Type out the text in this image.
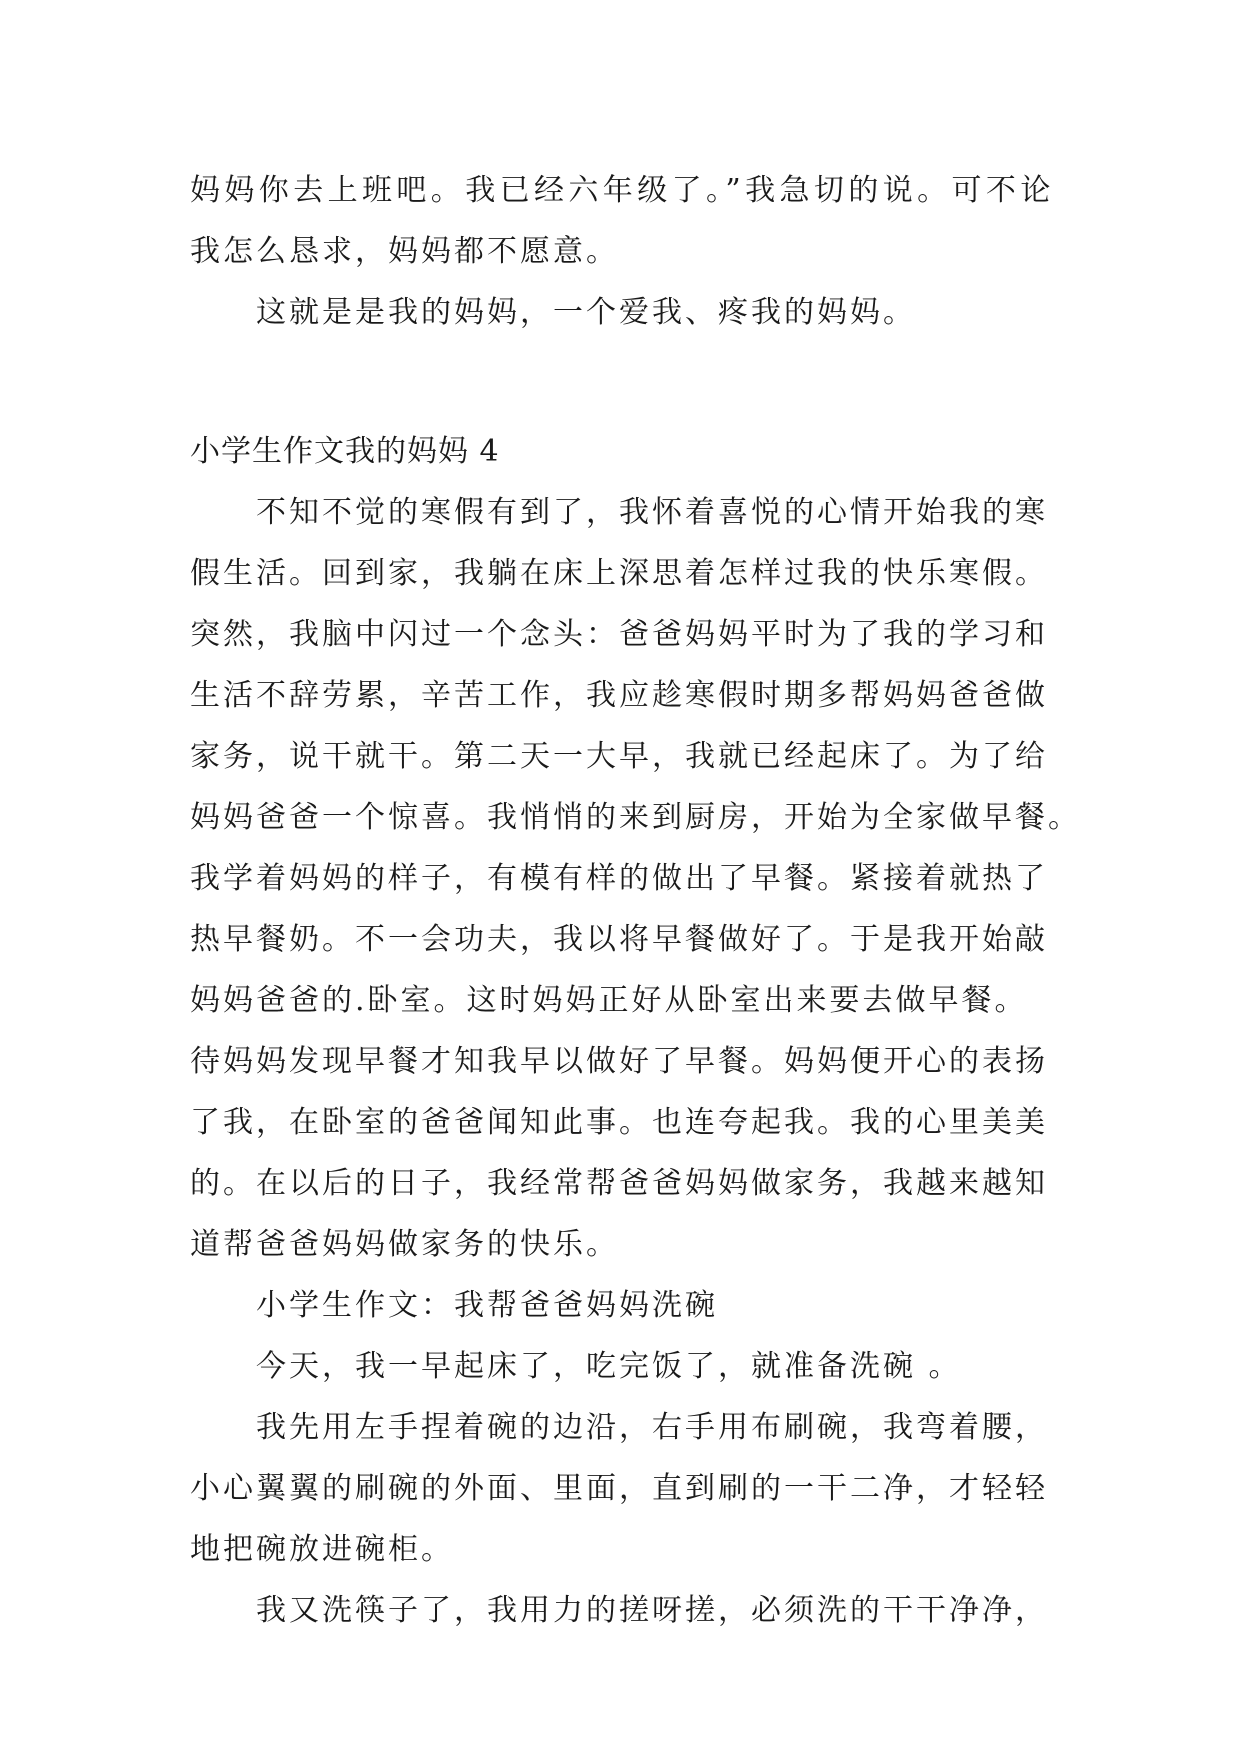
妈妈你去上班吧。我已经六年级了。”我急切的说。可不论
我怎么恳求，妈妈都不愿意。
这就是是我的妈妈，一个爱我、疼我的妈妈。
小学生作文我的妈妈 4
不知不觉的寒假有到了，我怀着喜悦的心情开始我的寒
假生活。回到家，我躺在床上深思着怎样过我的快乐寒假。
突然，我脑中闪过一个念头：爸爸妈妈平时为了我的学习和
生活不辞劳累，辛苦工作，我应趁寒假时期多帮妈妈爸爸做
家务，说干就干。第二天一大早，我就已经起床了。为了给
妈妈爸爸一个惊喜。我悄悄的来到厨房，开始为全家做早餐。
我学着妈妈的样子，有模有样的做出了早餐。紧接着就热了
热早餐奶。不一会功夫，我以将早餐做好了。于是我开始敲
妈妈爸爸的.卧室。这时妈妈正好从卧室出来要去做早餐。
待妈妈发现早餐才知我早以做好了早餐。妈妈便开心的表扬
了我，在卧室的爸爸闻知此事。也连夸起我。我的心里美美
的。在以后的日子，我经常帮爸爸妈妈做家务，我越来越知
道帮爸爸妈妈做家务的快乐。
小学生作文：我帮爸爸妈妈洗碗
今天，我一早起床了，吃完饭了，就准备洗碗 。
我先用左手捏着碗的边沿，右手用布刷碗，我弯着腰，
小心翼翼的刷碗的外面、里面，直到刷的一干二净，才轻轻
地把碗放进碗柜。
我又洗筷子了，我用力的搓呀搓，必须洗的干干净净，
